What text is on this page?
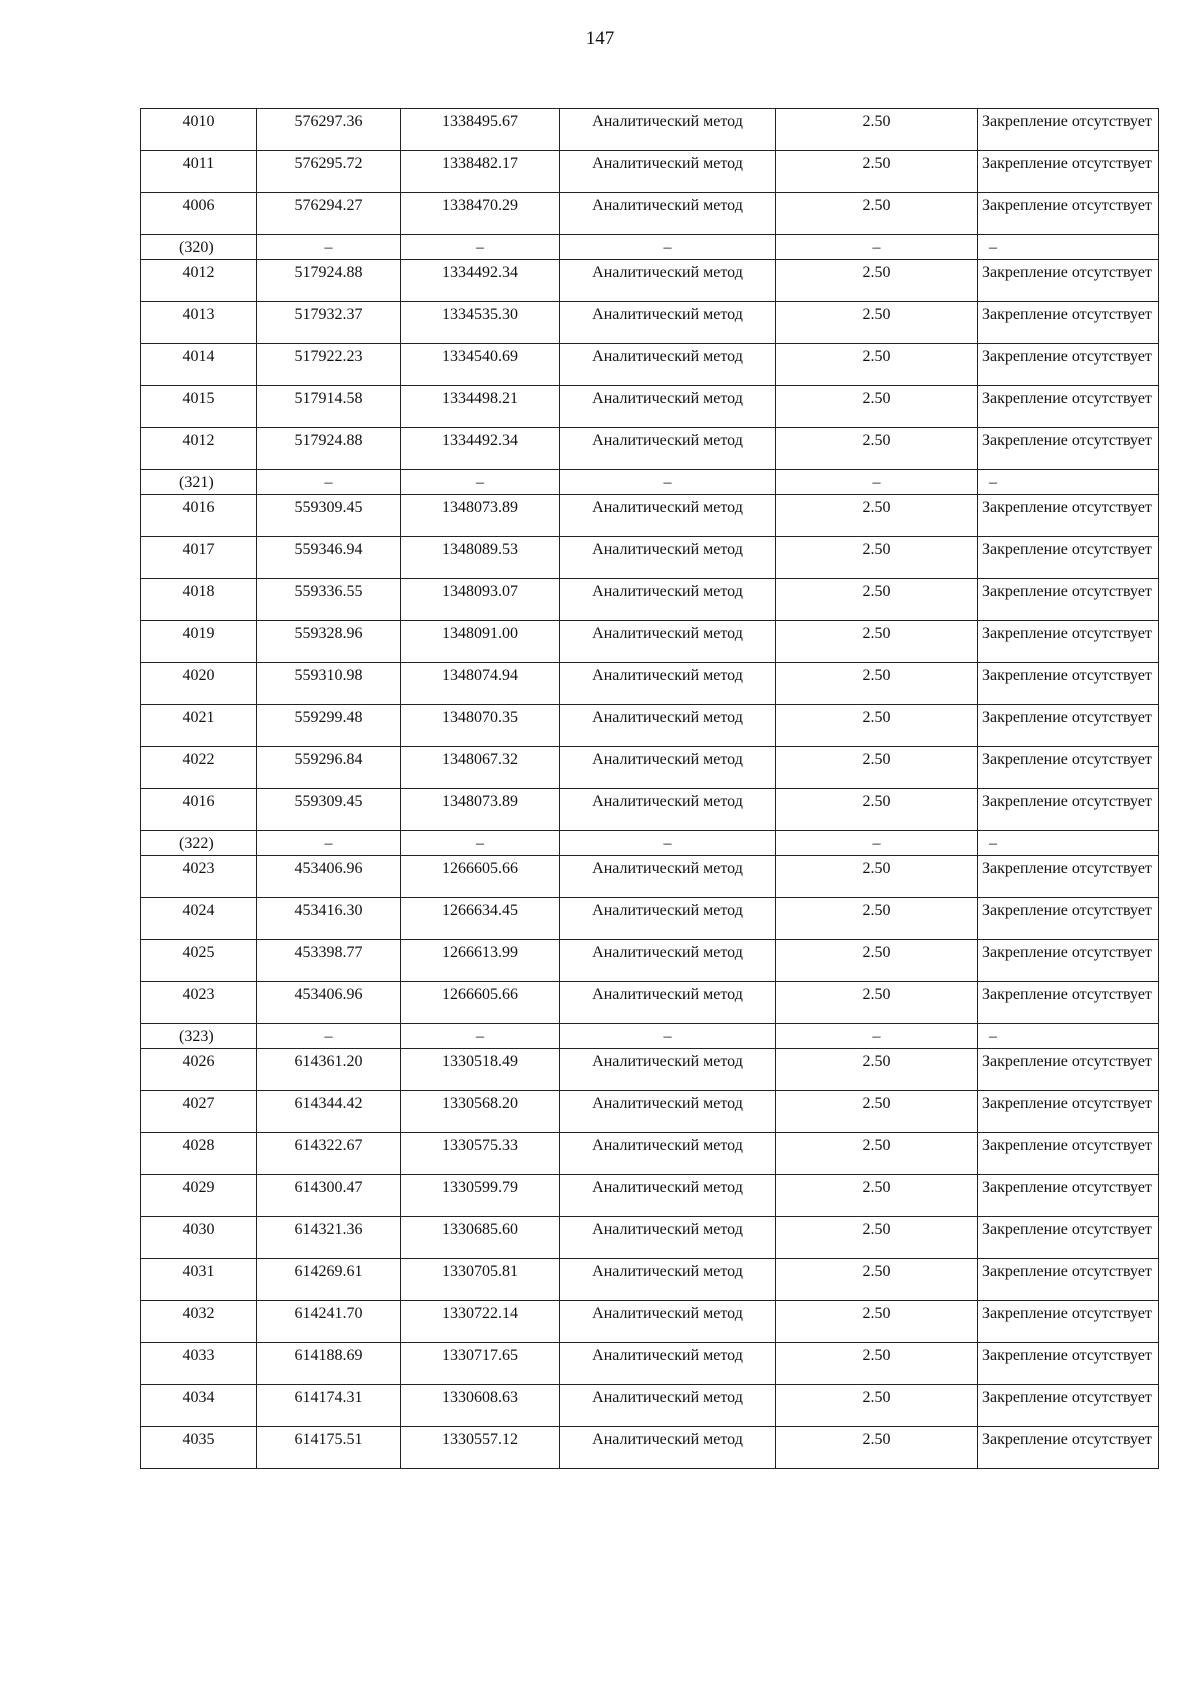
147
4010	576297.36	1338495.67	Аналитический метод	2.50	Закрепление отсутствует
4011	576295.72	1338482.17	Аналитический метод	2.50	Закрепление отсутствует
4006	576294.27	1338470.29	Аналитический метод	2.50	Закрепление отсутствует
(320)	–	–	–	–	–
4012	517924.88	1334492.34	Аналитический метод	2.50	Закрепление отсутствует
4013	517932.37	1334535.30	Аналитический метод	2.50	Закрепление отсутствует
4014	517922.23	1334540.69	Аналитический метод	2.50	Закрепление отсутствует
4015	517914.58	1334498.21	Аналитический метод	2.50	Закрепление отсутствует
4012	517924.88	1334492.34	Аналитический метод	2.50	Закрепление отсутствует
(321)	–	–	–	–	–
4016	559309.45	1348073.89	Аналитический метод	2.50	Закрепление отсутствует
4017	559346.94	1348089.53	Аналитический метод	2.50	Закрепление отсутствует
4018	559336.55	1348093.07	Аналитический метод	2.50	Закрепление отсутствует
4019	559328.96	1348091.00	Аналитический метод	2.50	Закрепление отсутствует
4020	559310.98	1348074.94	Аналитический метод	2.50	Закрепление отсутствует
4021	559299.48	1348070.35	Аналитический метод	2.50	Закрепление отсутствует
4022	559296.84	1348067.32	Аналитический метод	2.50	Закрепление отсутствует
4016	559309.45	1348073.89	Аналитический метод	2.50	Закрепление отсутствует
(322)	–	–	–	–	–
4023	453406.96	1266605.66	Аналитический метод	2.50	Закрепление отсутствует
4024	453416.30	1266634.45	Аналитический метод	2.50	Закрепление отсутствует
4025	453398.77	1266613.99	Аналитический метод	2.50	Закрепление отсутствует
4023	453406.96	1266605.66	Аналитический метод	2.50	Закрепление отсутствует
(323)	–	–	–	–	–
4026	614361.20	1330518.49	Аналитический метод	2.50	Закрепление отсутствует
4027	614344.42	1330568.20	Аналитический метод	2.50	Закрепление отсутствует
4028	614322.67	1330575.33	Аналитический метод	2.50	Закрепление отсутствует
4029	614300.47	1330599.79	Аналитический метод	2.50	Закрепление отсутствует
4030	614321.36	1330685.60	Аналитический метод	2.50	Закрепление отсутствует
4031	614269.61	1330705.81	Аналитический метод	2.50	Закрепление отсутствует
4032	614241.70	1330722.14	Аналитический метод	2.50	Закрепление отсутствует
4033	614188.69	1330717.65	Аналитический метод	2.50	Закрепление отсутствует
4034	614174.31	1330608.63	Аналитический метод	2.50	Закрепление отсутствует
4035	614175.51	1330557.12	Аналитический метод	2.50	Закрепление отсутствует
